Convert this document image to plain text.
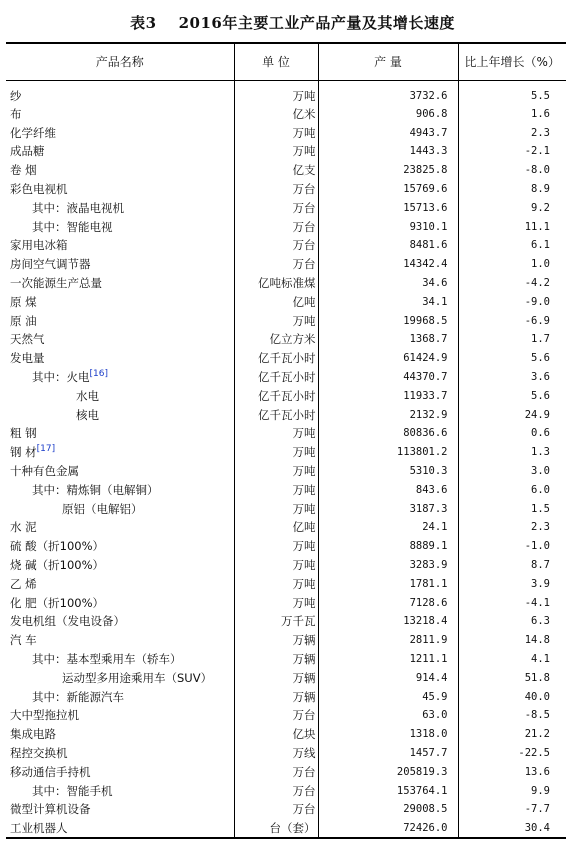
表3 2016年主要工业产品产量及其增长速度
产品名称	单 位	产 量	比上年增长（%）
纱	万吨	3732.6	5.5
布	亿米	906.8	1.6
化学纤维	万吨	4943.7	2.3
成品糖	万吨	1443.3	-2.1
卷 烟	亿支	23825.8	-8.0
彩色电视机	万台	15769.6	8.9
其中：液晶电视机	万台	15713.6	9.2
其中：智能电视	万台	9310.1	11.1
家用电冰箱	万台	8481.6	6.1
房间空气调节器	万台	14342.4	1.0
一次能源生产总量	亿吨标准煤	34.6	-4.2
原 煤	亿吨	34.1	-9.0
原 油	万吨	19968.5	-6.9
天然气	亿立方米	1368.7	1.7
发电量	亿千瓦小时	61424.9	5.6
其中：火电[16]	亿千瓦小时	44370.7	3.6
水电	亿千瓦小时	11933.7	5.6
核电	亿千瓦小时	2132.9	24.9
粗 钢	万吨	80836.6	0.6
钢 材[17]	万吨	113801.2	1.3
十种有色金属	万吨	5310.3	3.0
其中：精炼铜（电解铜）	万吨	843.6	6.0
原铝（电解铝）	万吨	3187.3	1.5
水 泥	亿吨	24.1	2.3
硫 酸（折100%）	万吨	8889.1	-1.0
烧 碱（折100%）	万吨	3283.9	8.7
乙 烯	万吨	1781.1	3.9
化 肥（折100%）	万吨	7128.6	-4.1
发电机组（发电设备）	万千瓦	13218.4	6.3
汽 车	万辆	2811.9	14.8
其中：基本型乘用车（轿车）	万辆	1211.1	4.1
运动型多用途乘用车（SUV）	万辆	914.4	51.8
其中：新能源汽车	万辆	45.9	40.0
大中型拖拉机	万台	63.0	-8.5
集成电路	亿块	1318.0	21.2
程控交换机	万线	1457.7	-22.5
移动通信手持机	万台	205819.3	13.6
其中：智能手机	万台	153764.1	9.9
微型计算机设备	万台	29008.5	-7.7
工业机器人	台（套）	72426.0	30.4
